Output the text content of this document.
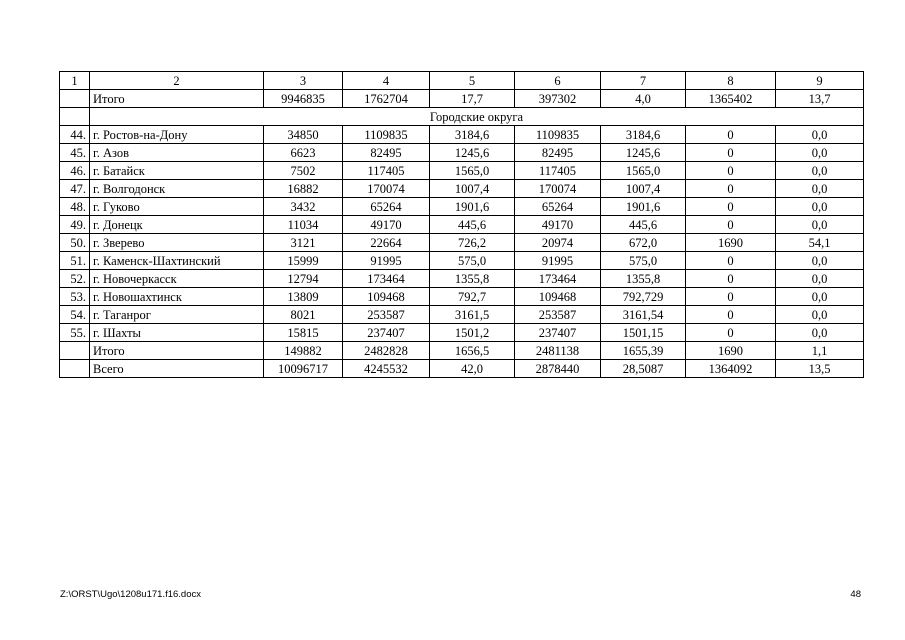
1	2	3	4	5	6	7	8	9
	Итого	9946835	1762704	17,7	397302	4,0	1365402	13,7
	Городские округа							
44.	г. Ростов-на-Дону	34850	1109835	3184,6	1109835	3184,6	0	0,0
45.	г. Азов	6623	82495	1245,6	82495	1245,6	0	0,0
46.	г. Батайск	7502	117405	1565,0	117405	1565,0	0	0,0
47.	г. Волгодонск	16882	170074	1007,4	170074	1007,4	0	0,0
48.	г. Гуково	3432	65264	1901,6	65264	1901,6	0	0,0
49.	г. Донецк	11034	49170	445,6	49170	445,6	0	0,0
50.	г. Зверево	3121	22664	726,2	20974	672,0	1690	54,1
51.	г. Каменск-Шахтинский	15999	91995	575,0	91995	575,0	0	0,0
52.	г. Новочеркасск	12794	173464	1355,8	173464	1355,8	0	0,0
53.	г. Новошахтинск	13809	109468	792,7	109468	792,729	0	0,0
54.	г. Таганрог	8021	253587	3161,5	253587	3161,54	0	0,0
55.	г. Шахты	15815	237407	1501,2	237407	1501,15	0	0,0
	Итого	149882	2482828	1656,5	2481138	1655,39	1690	1,1
	Всего	10096717	4245532	42,0	2878440	28,5087	1364092	13,5
Z:\ORST\Ugo\1208u171.f16.docx	48
